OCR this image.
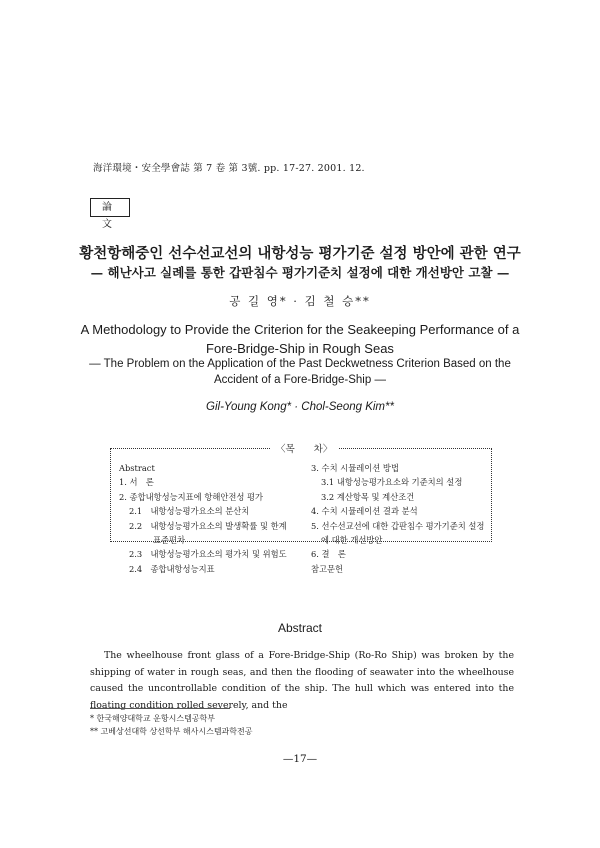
海洋環境・安全學會誌 第 7 卷 第 3號. pp. 17-27. 2001. 12.
論 文
황천항해중인 선수선교선의 내항성능 평가기준 설정 방안에 관한 연구
— 해난사고 실례를 통한 갑판침수 평가기준치 설정에 대한 개선방안 고찰 —
공 길 영* · 김 철 승**
A Methodology to Provide the Criterion for the Seakeeping Performance of a Fore-Bridge-Ship in Rough Seas
— The Problem on the Application of the Past Deckwetness Criterion Based on the Accident of a Fore-Bridge-Ship —
Gil-Young Kong* · Chol-Seong Kim**
Abstract
1. 서　론
2. 종합내항성능지표에 항해안전성 평가
2.1　내항성능평가요소의 분산치
2.2　내항성능평가요소의 발생확률 및 한계
표준편차
2.3　내항성능평가요소의 평가치 및 위험도
2.4　종합내항성능지표
3. 수치 시뮬레이션 방법
3.1 내항성능평가요소와 기준치의 설정
3.2 계산항목 및 계산조건
4. 수치 시뮬레이션 결과 분석
5. 선수선교선에 대한 갑판침수 평가기준치 설정
에 대한 개선방안
6. 결　론
참고문헌
〈목　　차〉
Abstract
The wheelhouse front glass of a Fore-Bridge-Ship (Ro-Ro Ship) was broken by the shipping of water in rough seas, and then the flooding of seawater into the wheelhouse caused the uncontrollable condition of the ship. The hull which was entered into the floating condition rolled severely, and the
* 한국해양대학교 운항시스템공학부
** 고베상선대학 상선학부 해사시스템과학전공
—17—
